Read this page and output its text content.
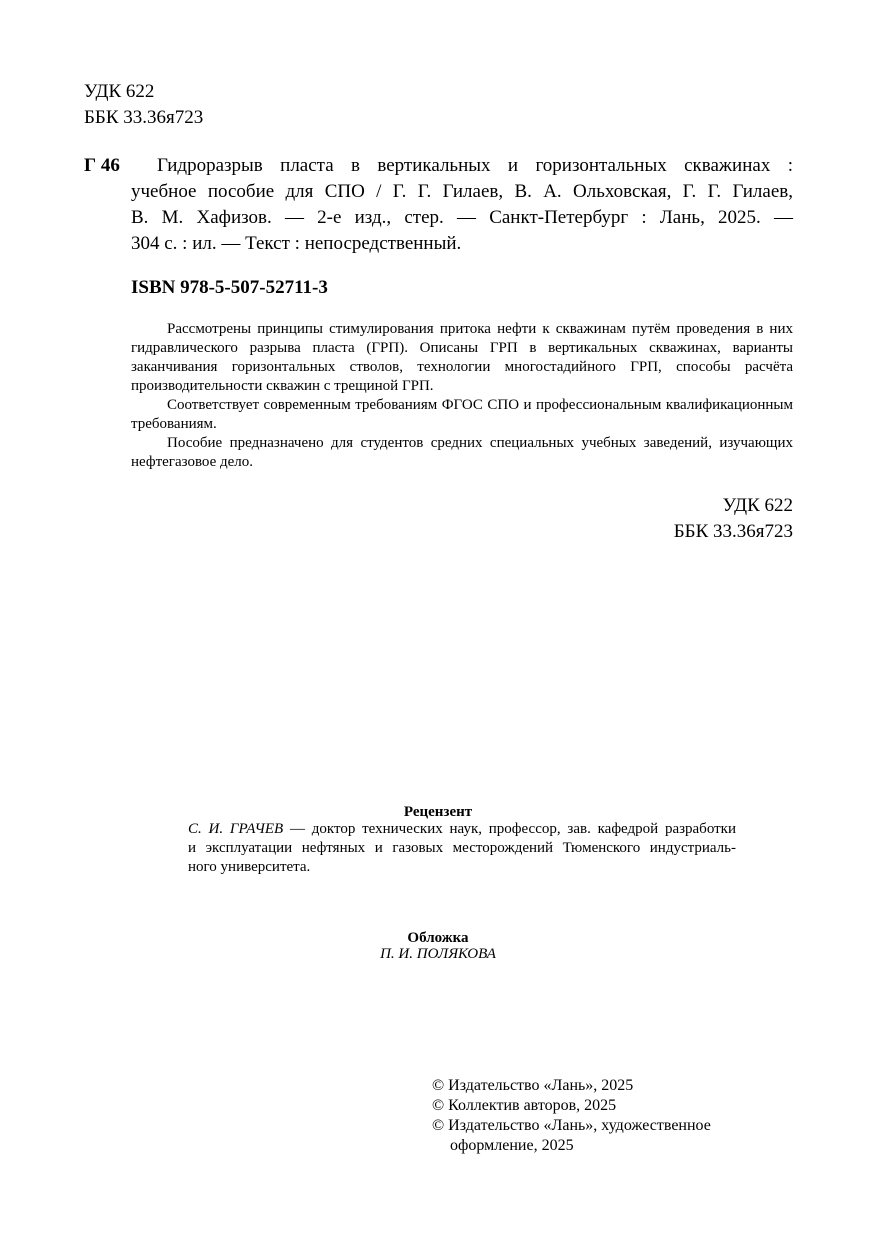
УДК 622
ББК 33.36я723
Г 46	Гидроразрыв пласта в вертикальных и горизонтальных скважинах :
учебное пособие для СПО / Г. Г. Гилаев, В. А. Ольховская, Г. Г. Гилаев,
В. М. Хафизов. — 2-е изд., стер. — Санкт-Петербург : Лань, 2025. —
304 с. : ил. — Текст : непосредственный.
ISBN 978-5-507-52711-3

Рассмотрены принципы стимулирования притока нефти к скважинам путём проведения в них гидравлического разрыва пласта (ГРП). Описаны ГРП в вертикальных скважинах, варианты заканчивания горизонтальных стволов, технологии многостадийного ГРП, способы расчёта производительности скважин с трещиной ГРП.

Соответствует современным требованиям ФГОС СПО и профессиональным квалификационным требованиям.

Пособие предназначено для студентов средних специальных учебных заведений, изучающих нефтегазовое дело.

УДК 622
ББК 33.36я723
Рецензент
С. И. ГРАЧЕВ — доктор технических наук, профессор, зав. кафедрой разработки
и эксплуатации нефтяных и газовых месторождений Тюменского индустриаль-
ного университета.
Обложка
П. И. ПОЛЯКОВА
© Издательство «Лань», 2025
© Коллектив авторов, 2025
© Издательство «Лань», художественное
оформление, 2025
